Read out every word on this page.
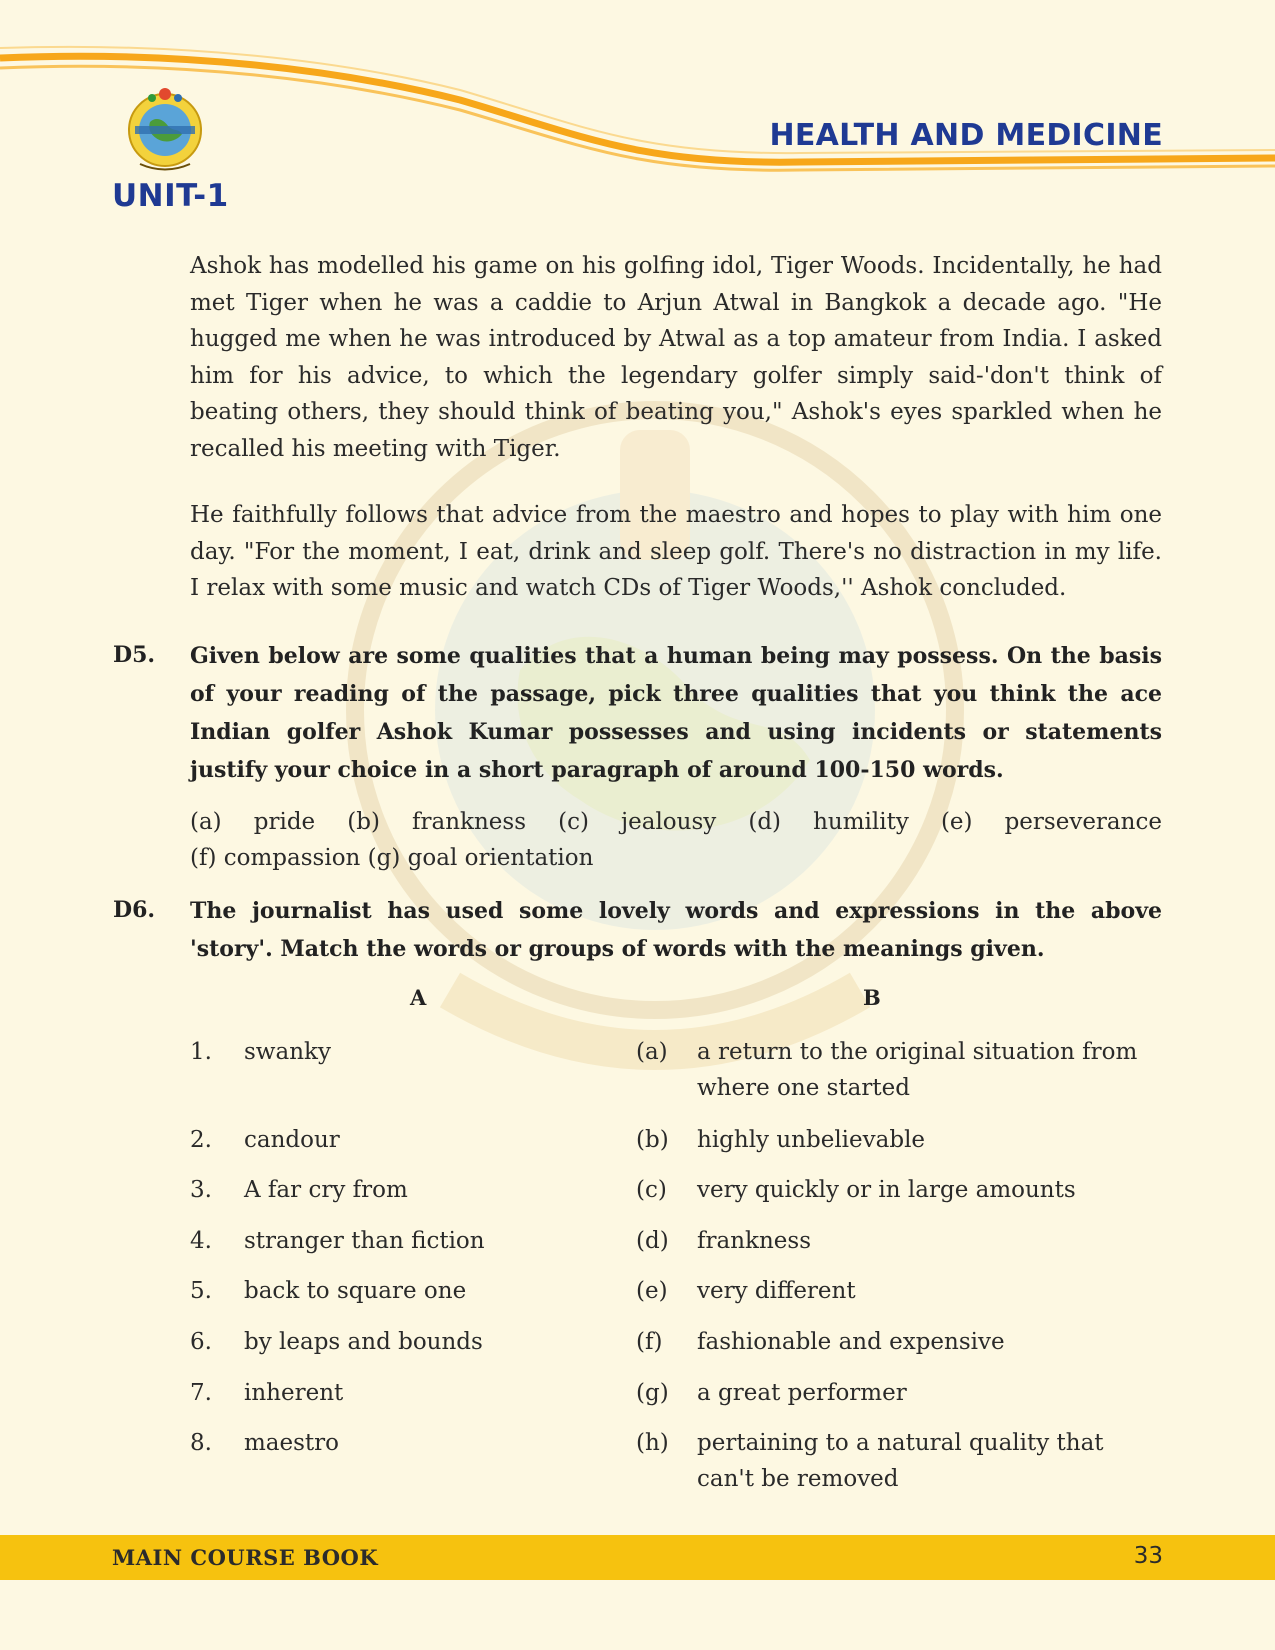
UNIT-1
HEALTH AND MEDICINE

Ashok has modelled his game on his golfing idol, Tiger Woods. Incidentally, he had met Tiger when he was a caddie to Arjun Atwal in Bangkok a decade ago. "He hugged me when he was introduced by Atwal as a top amateur from India. I asked him for his advice, to which the legendary golfer simply said-'don't think of beating others, they should think of beating you," Ashok's eyes sparkled when he recalled his meeting with Tiger.

He faithfully follows that advice from the maestro and hopes to play with him one day. "For the moment, I eat, drink and sleep golf. There's no distraction in my life. I relax with some music and watch CDs of Tiger Woods,'' Ashok concluded.

D5. Given below are some qualities that a human being may possess. On the basis of your reading of the passage, pick three qualities that you think the ace Indian golfer Ashok Kumar possesses and using incidents or statements justify your choice in a short paragraph of around 100-150 words.

(a) pride (b) frankness (c) jealousy (d) humility (e) perseverance
(f) compassion (g) goal orientation
D6. The journalist has used some lovely words and expressions in the above 'story'. Match the words or groups of words with the meanings given.

A	B
1. swanky	(a) a return to the original situation from where one started
2. candour	(b) highly unbelievable
3. A far cry from	(c) very quickly or in large amounts
4. stranger than fiction	(d) frankness
5. back to square one	(e) very different
6. by leaps and bounds	(f) fashionable and expensive
7. inherent	(g) a great performer
8. maestro	(h) pertaining to a natural quality that can't be removed
MAIN COURSE BOOK	33
